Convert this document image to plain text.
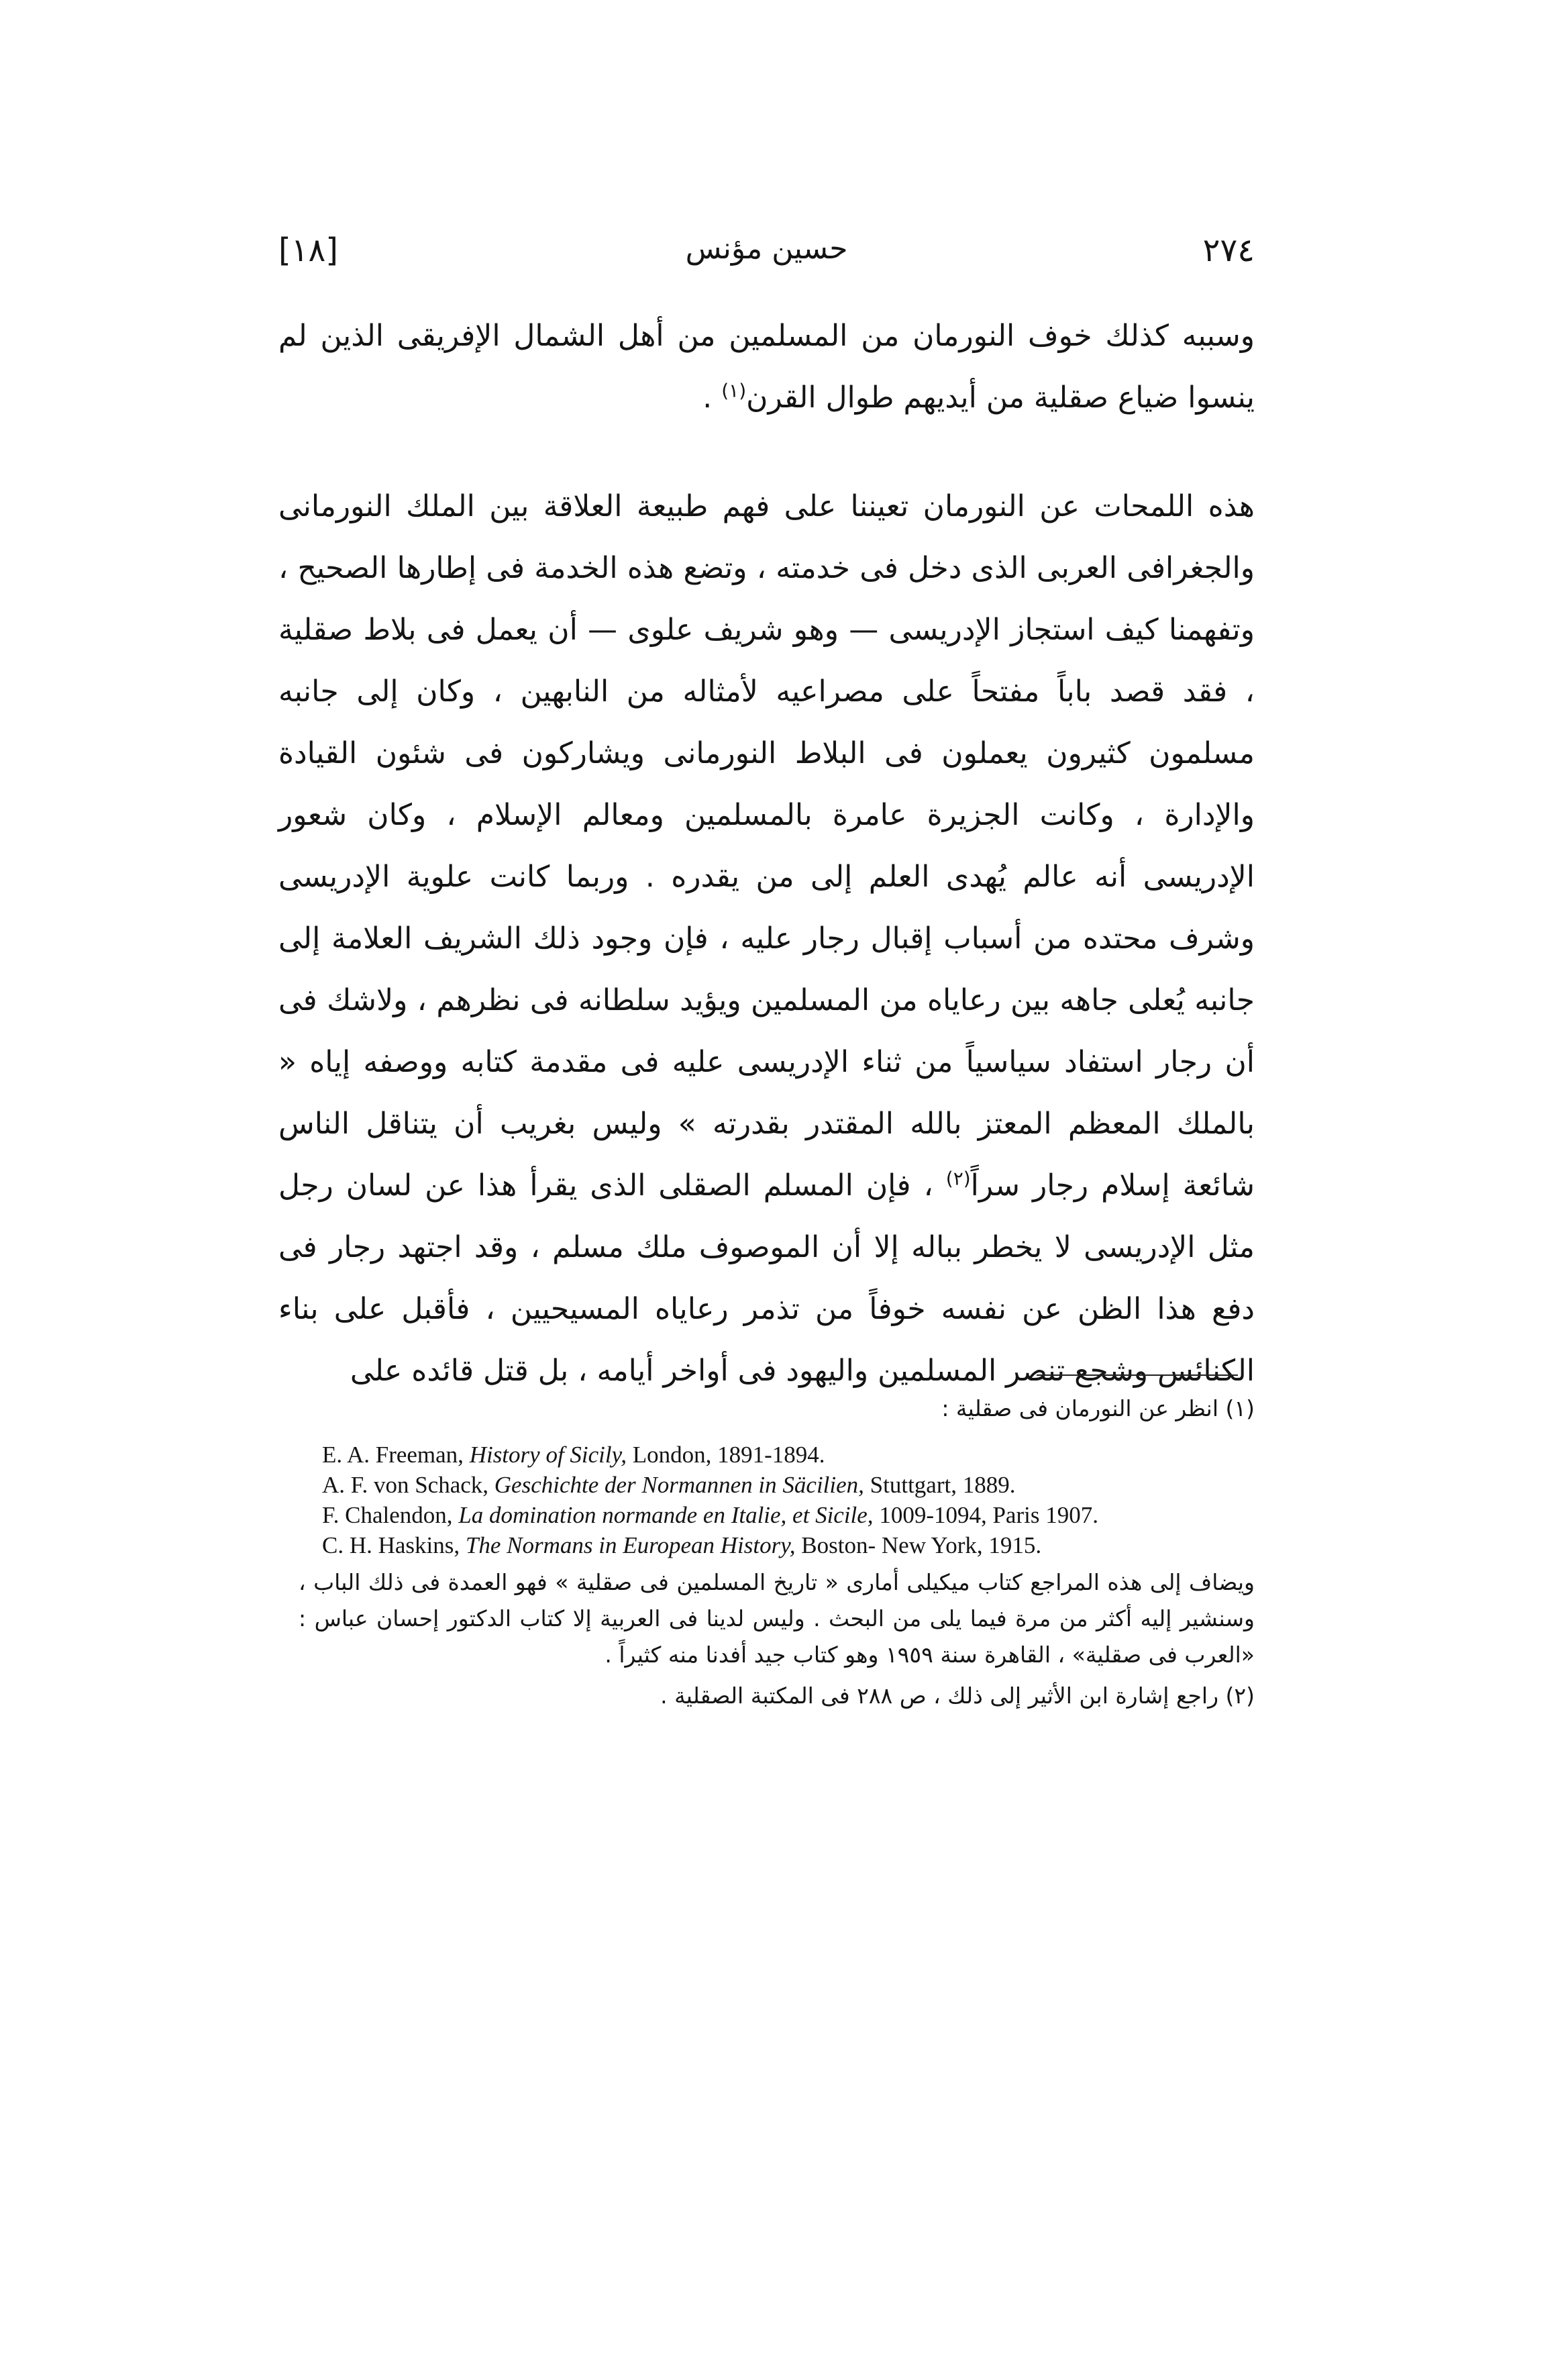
٢٧٤
حسين مؤنس
[١٨]

وسببه كذلك خوف النورمان من المسلمين من أهل الشمال الإفريقى الذين لم ينسوا ضياع صقلية من أيديهم طوال القرن$^{(١)}$ .

هذه اللمحات عن النورمان تعيننا على فهم طبيعة العلاقة بين الملك النورمانى والجغرافى العربى الذى دخل فى خدمته ، وتضع هذه الخدمة فى إطارها الصحيح ، وتفهمنا كيف استجاز الإدريسى — وهو شريف علوى — أن يعمل فى بلاط صقلية ، فقد قصد باباً مفتحاً على مصراعيه لأمثاله من النابهين ، وكان إلى جانبه مسلمون كثيرون يعملون فى البلاط النورمانى ويشاركون فى شئون القيادة والإدارة ، وكانت الجزيرة عامرة بالمسلمين ومعالم الإسلام ، وكان شعور الإدريسى أنه عالم يُهدى العلم إلى من يقدره . وربما كانت علوية الإدريسى وشرف محتده من أسباب إقبال رجار عليه ، فإن وجود ذلك الشريف العلامة إلى جانبه يُعلى جاهه بين رعاياه من المسلمين ويؤيد سلطانه فى نظرهم ، ولاشك فى أن رجار استفاد سياسياً من ثناء الإدريسى عليه فى مقدمة كتابه ووصفه إياه « بالملك المعظم المعتز بالله المقتدر بقدرته » وليس بغريب أن يتناقل الناس شائعة إسلام رجار سراً$^{(٢)}$ ، فإن المسلم الصقلى الذى يقرأ هذا عن لسان رجل مثل الإدريسى لا يخطر بباله إلا أن الموصوف ملك مسلم ، وقد اجتهد رجار فى دفع هذا الظن عن نفسه خوفاً من تذمر رعاياه المسيحيين ، فأقبل على بناء الكنائس وشجع تنصر المسلمين واليهود فى أواخر أيامه ، بل قتل قائده على

(١) انظر عن النورمان فى صقلية :

E. A. Freeman, History of Sicily, London, 1891-1894.
A. F. von Schack, Geschichte der Normannen in Säcilien, Stuttgart, 1889.
F. Chalendon, La domination normande en Italie, et Sicile, 1009-1094, Paris 1907.
C. H. Haskins, The Normans in European History, Boston- New York, 1915.

ويضاف إلى هذه المراجع كتاب ميكيلى أمارى « تاريخ المسلمين فى صقلية » فهو العمدة فى ذلك الباب ، وسنشير إليه أكثر من مرة فيما يلى من البحث . وليس لدينا فى العربية إلا كتاب الدكتور إحسان عباس : «العرب فى صقلية» ، القاهرة سنة ١٩٥٩ وهو كتاب جيد أفدنا منه كثيراً .

(٢) راجع إشارة ابن الأثير إلى ذلك ، ص ٢٨٨ فى المكتبة الصقلية .
